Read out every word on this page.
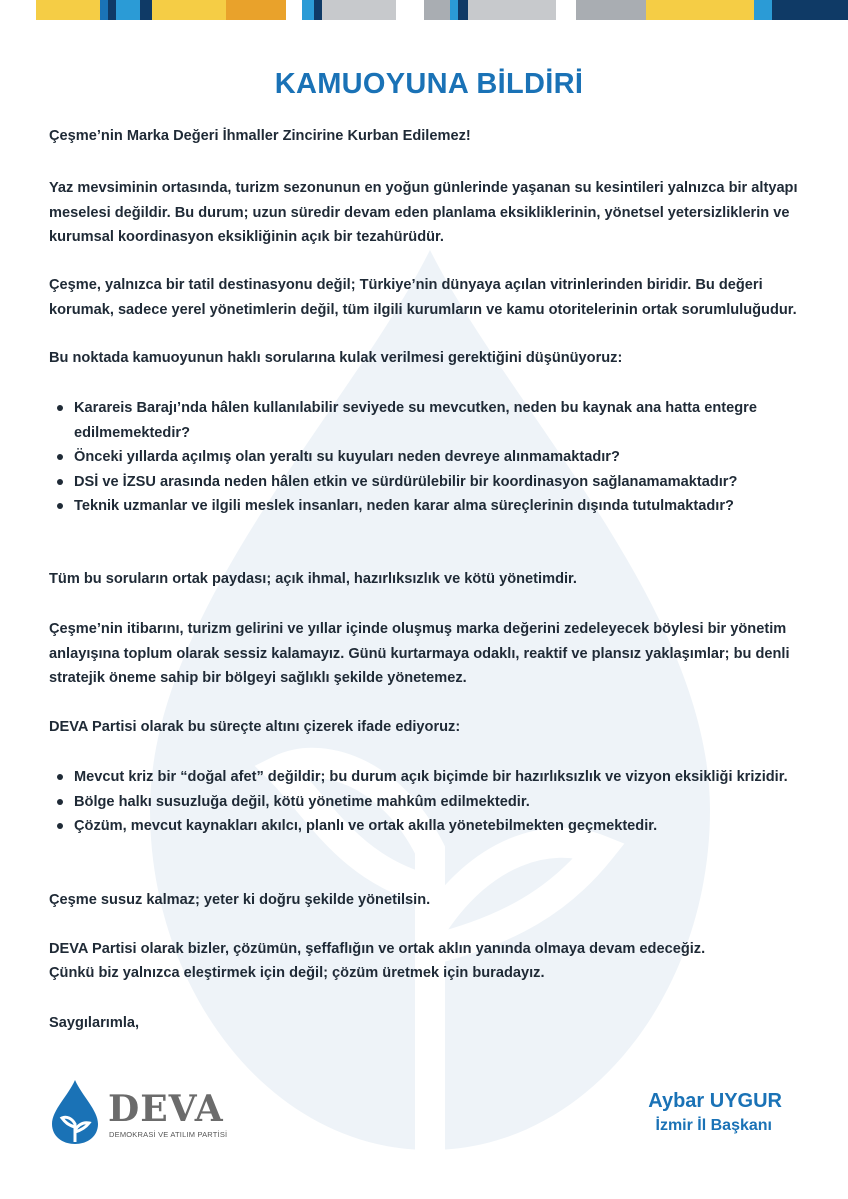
KAMUOYUNA BİLDİRİ
Çeşme’nin Marka Değeri İhmaller Zincirine Kurban Edilemez!
Yaz mevsiminin ortasında, turizm sezonunun en yoğun günlerinde yaşanan su kesintileri yalnızca bir altyapı meselesi değildir. Bu durum; uzun süredir devam eden planlama eksikliklerinin, yönetsel yetersizliklerin ve kurumsal koordinasyon eksikliğinin açık bir tezahürüdür.
Çeşme, yalnızca bir tatil destinasyonu değil; Türkiye’nin dünyaya açılan vitrinlerinden biridir. Bu değeri korumak, sadece yerel yönetimlerin değil, tüm ilgili kurumların ve kamu otoritelerinin ortak sorumluluğudur.
Bu noktada kamuoyunun haklı sorularına kulak verilmesi gerektiğini düşünüyoruz:
Karareis Barajı’nda hâlen kullanılabilir seviyede su mevcutken, neden bu kaynak ana hatta entegre edilmemektedir?
Önceki yıllarda açılmış olan yeraltı su kuyuları neden devreye alınmamaktadır?
DSİ ve İZSU arasında neden hâlen etkin ve sürdürülebilir bir koordinasyon sağlanamamaktadır?
Teknik uzmanlar ve ilgili meslek insanları, neden karar alma süreçlerinin dışında tutulmaktadır?
Tüm bu soruların ortak paydası; açık ihmal, hazırlıksızlık ve kötü yönetimdir.
Çeşme’nin itibarını, turizm gelirini ve yıllar içinde oluşmuş marka değerini zedeleyecek böylesi bir yönetim anlayışına toplum olarak sessiz kalamayız. Günü kurtarmaya odaklı, reaktif ve plansız yaklaşımlar; bu denli stratejik öneme sahip bir bölgeyi sağlıklı şekilde yönetemez.
DEVA Partisi olarak bu süreçte altını çizerek ifade ediyoruz:
Mevcut kriz bir “doğal afet” değildir; bu durum açık biçimde bir hazırlıksızlık ve vizyon eksikliği krizidir.
Bölge halkı susuzluğa değil, kötü yönetime mahkûm edilmektedir.
Çözüm, mevcut kaynakları akılcı, planlı ve ortak akılla yönetebilmekten geçmektedir.
Çeşme susuz kalmaz; yeter ki doğru şekilde yönetilsin.
DEVA Partisi olarak bizler, çözümün, şeffaflığın ve ortak aklın yanında olmaya devam edeceğiz.
Çünkü biz yalnızca eleştirmek için değil; çözüm üretmek için buradayız.
Saygılarımla,
DEVA
DEMOKRASİ VE ATILIM PARTİSİ
Aybar UYGUR
İzmir İl Başkanı
